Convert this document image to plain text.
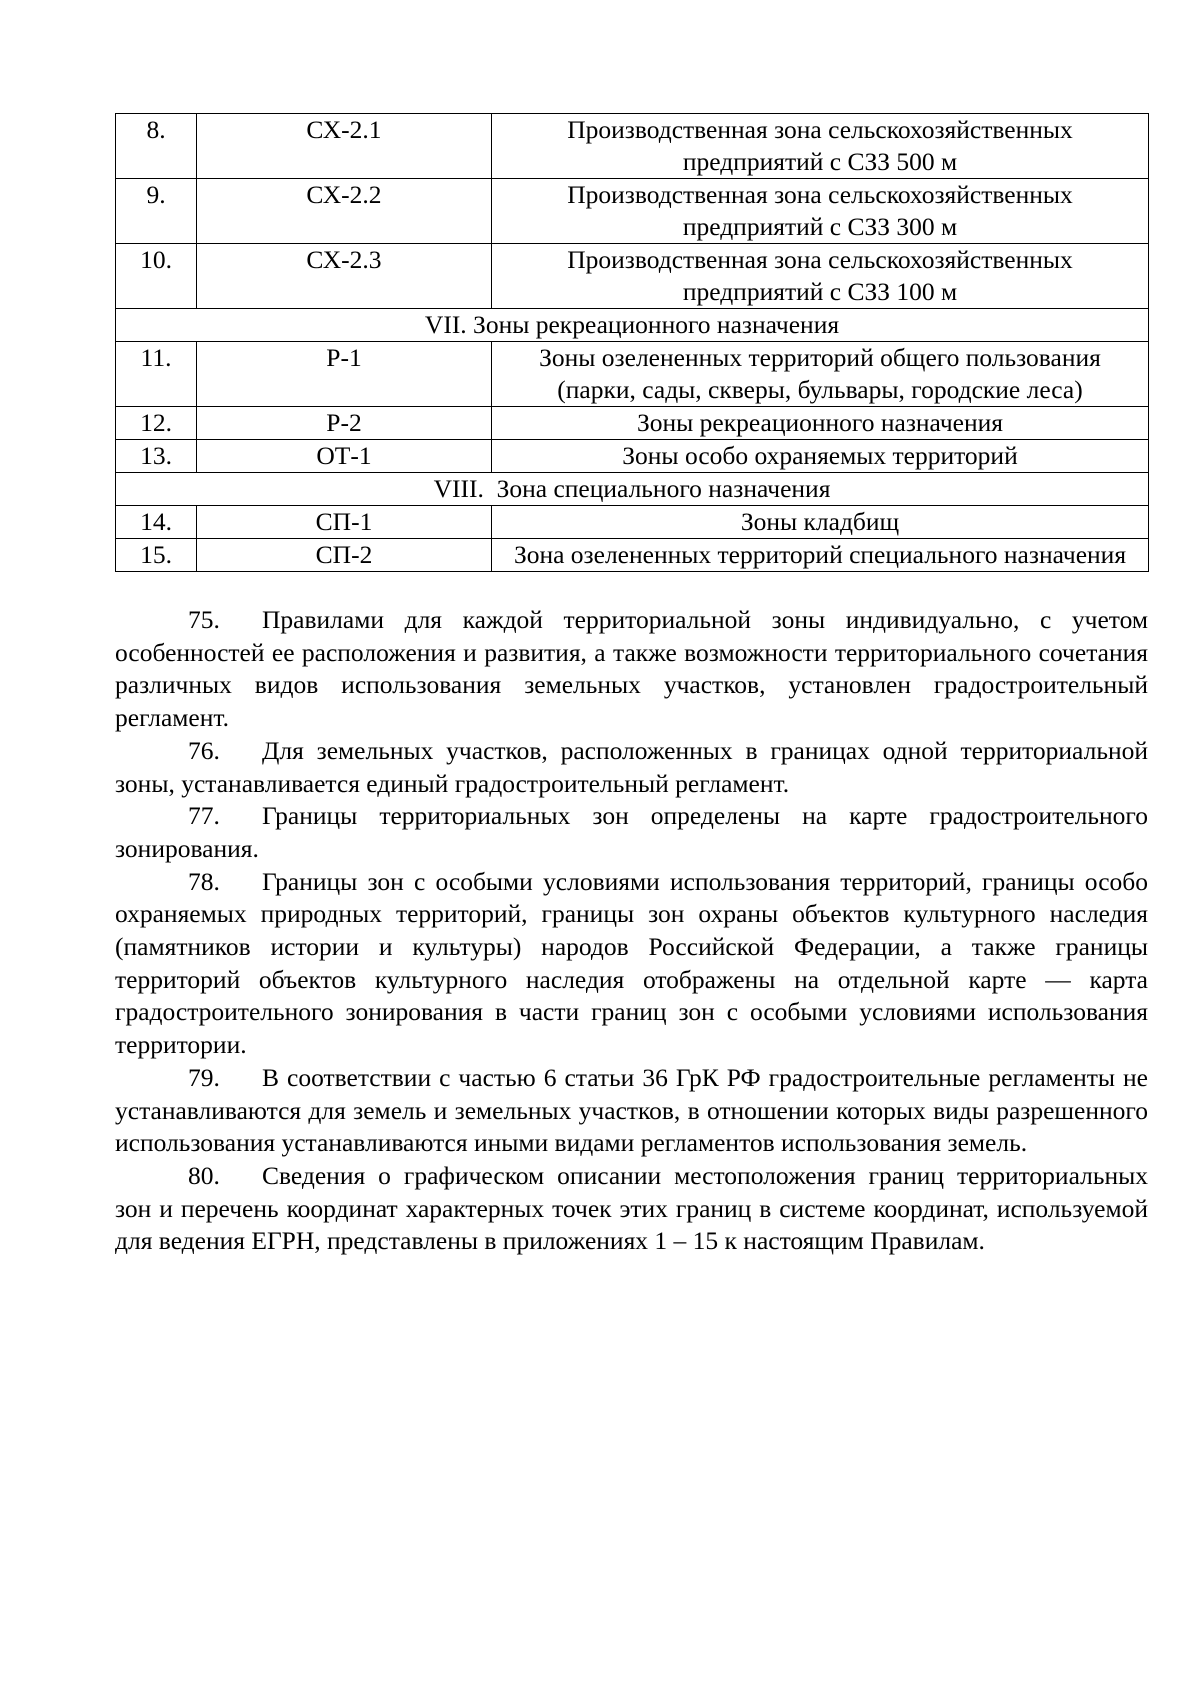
8.	СХ-2.1	Производственная зона сельскохозяйственных предприятий с СЗЗ 500 м
9.	СХ-2.2	Производственная зона сельскохозяйственных предприятий с СЗЗ 300 м
10.	СХ-2.3	Производственная зона сельскохозяйственных предприятий с СЗЗ 100 м
VII. Зоны рекреационного назначения		
11.	Р-1	Зоны озелененных территорий общего пользования (парки, сады, скверы, бульвары, городские леса)
12.	Р-2	Зоны рекреационного назначения
13.	ОТ-1	Зоны особо охраняемых территорий
VIII.  Зона специального назначения		
14.	СП-1	Зоны кладбищ
15.	СП-2	Зона озелененных территорий специального назначения

75. Правилами для каждой территориальной зоны индивидуально, с учетом особенностей ее расположения и развития, а также возможности территориального сочетания различных видов использования земельных участков, установлен градостроительный регламент.

76. Для земельных участков, расположенных в границах одной территориальной зоны, устанавливается единый градостроительный регламент.

77. Границы территориальных зон определены на карте градостроительного зонирования.

78. Границы зон с особыми условиями использования территорий, границы особо охраняемых природных территорий, границы зон охраны объектов культурного наследия (памятников истории и культуры) народов Российской Федерации, а также границы территорий объектов культурного наследия отображены на отдельной карте — карта градостроительного зонирования в части границ зон с особыми условиями использования территории.

79. В соответствии с частью 6 статьи 36 ГрК РФ градостроительные регламенты не устанавливаются для земель и земельных участков, в отношении которых виды разрешенного использования устанавливаются иными видами регламентов использования земель.

80. Сведения о графическом описании местоположения границ территориальных зон и перечень координат характерных точек этих границ в системе координат, используемой для ведения ЕГРН, представлены в приложениях 1 – 15 к настоящим Правилам.
